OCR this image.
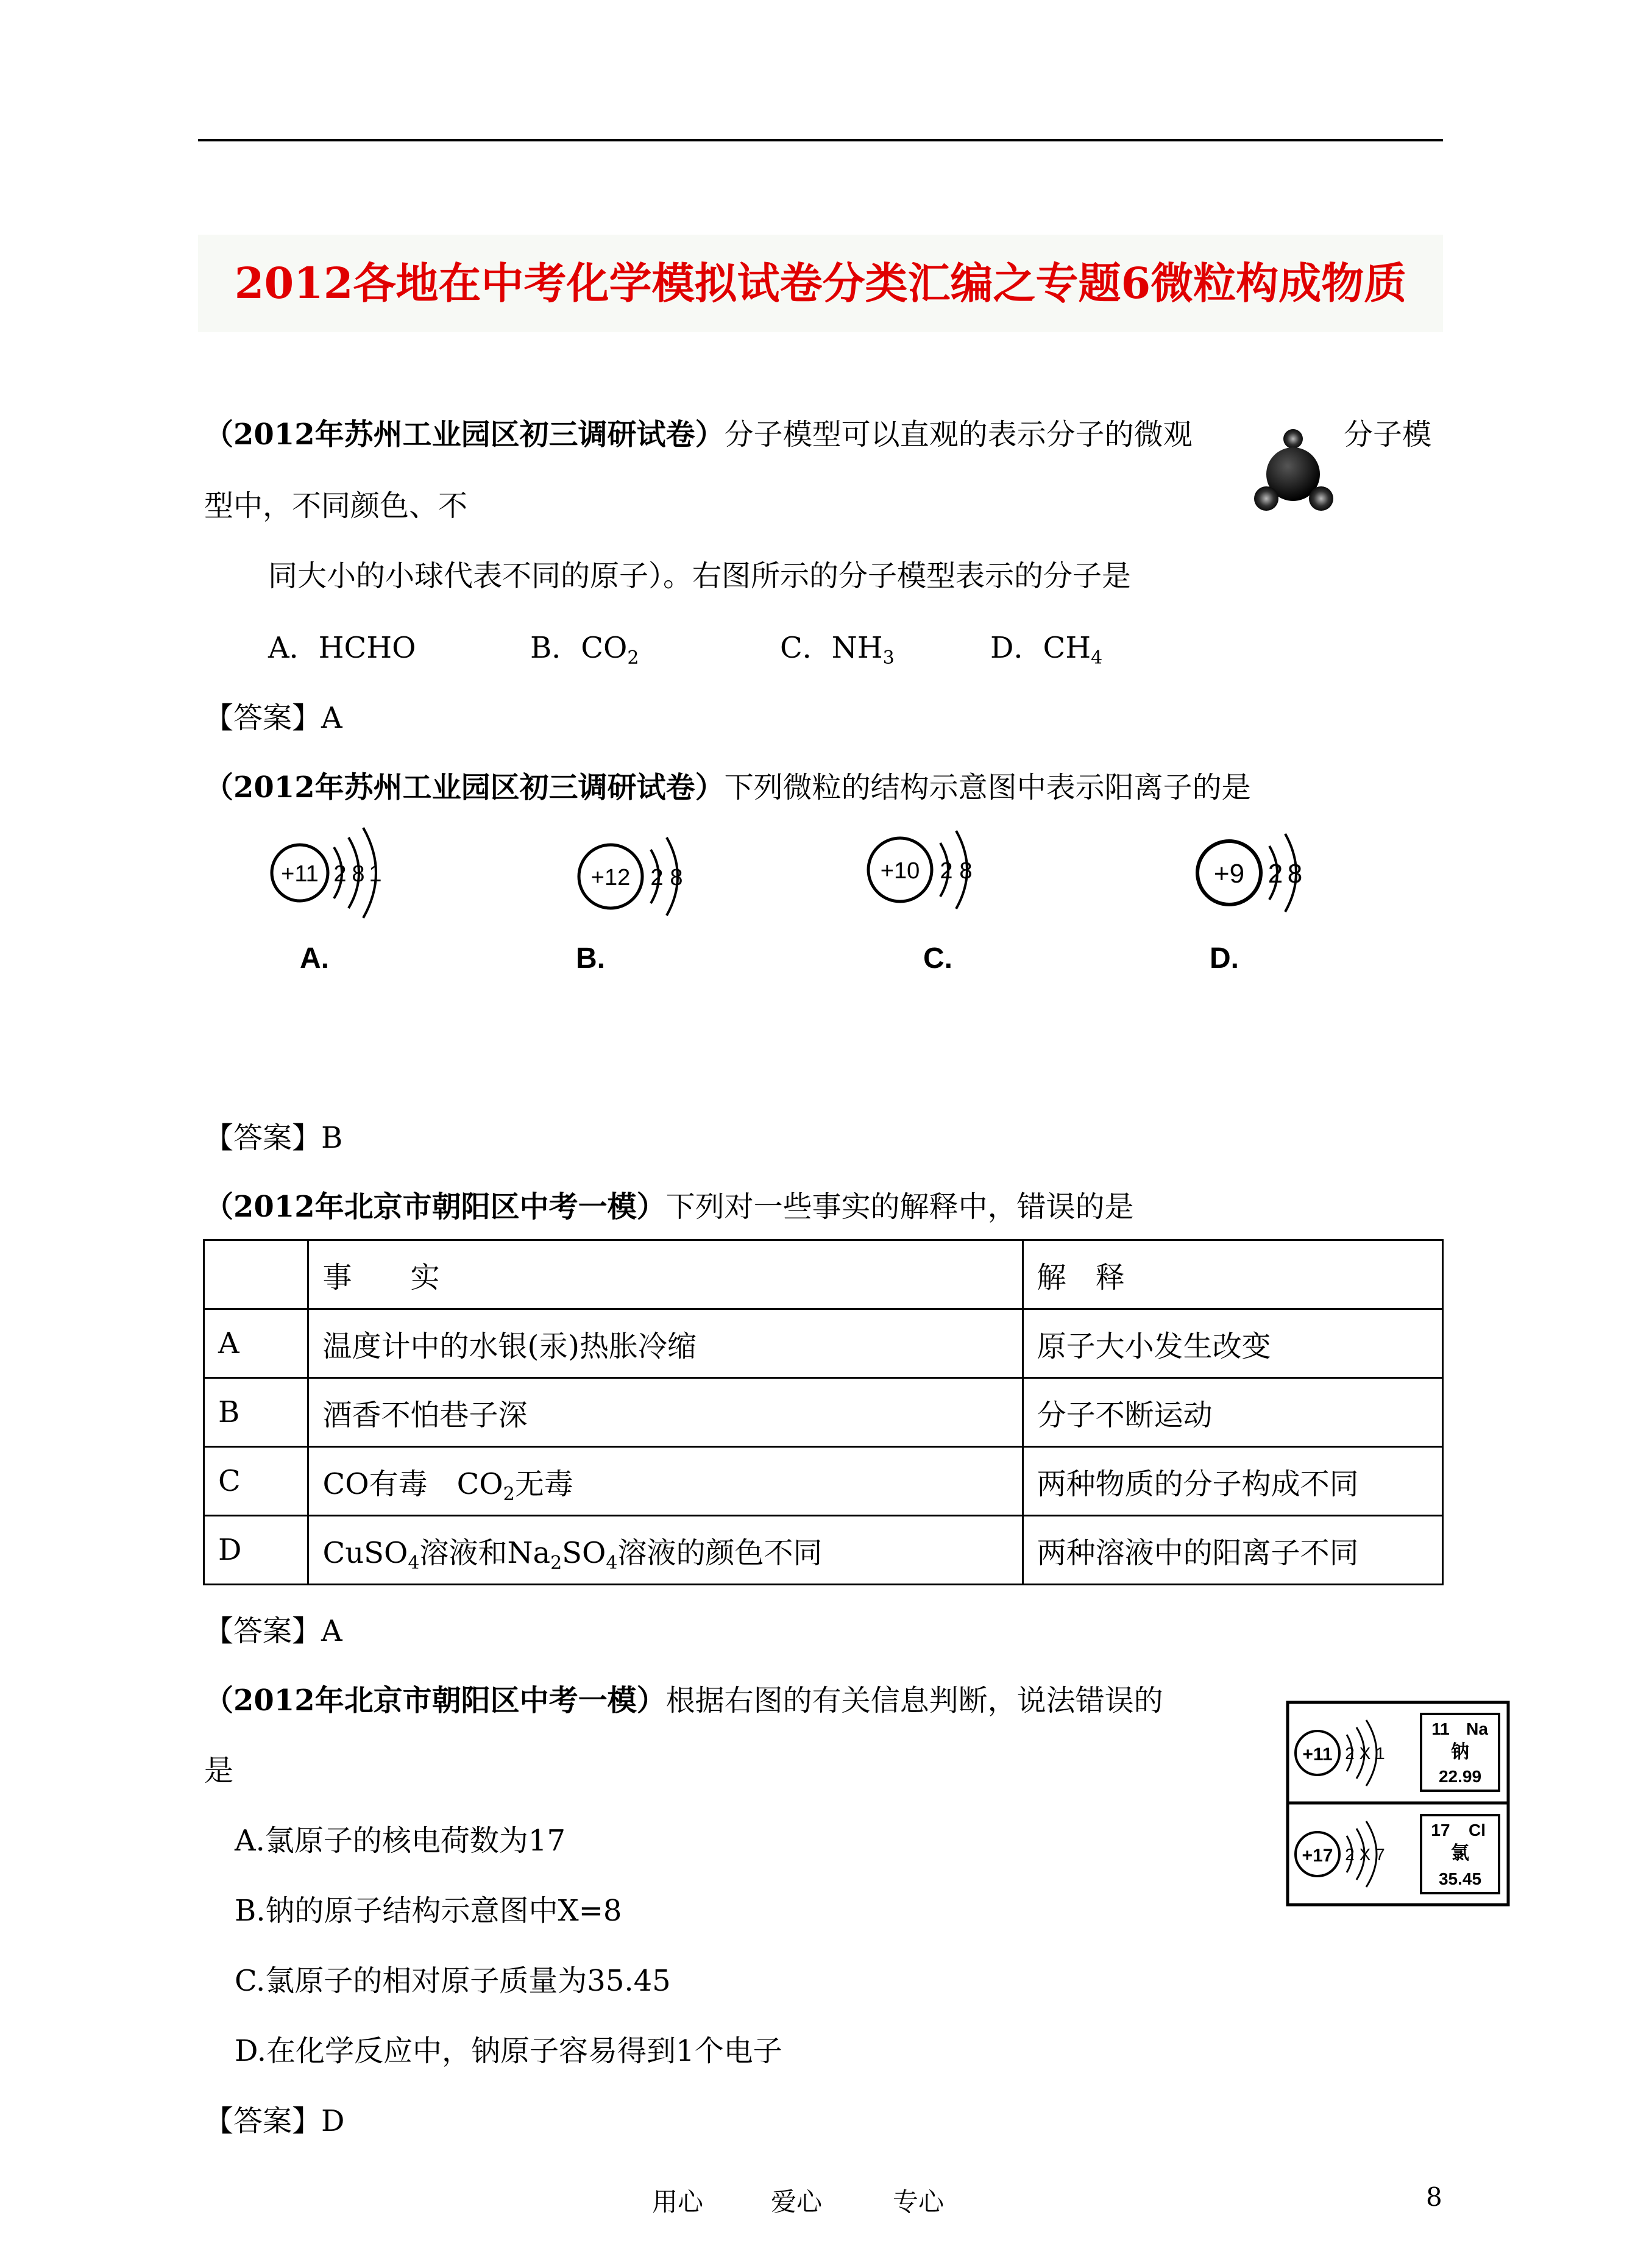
2012各地在中考化学模拟试卷分类汇编之专题6微粒构成物质
（2012年苏州工业园区初三调研试卷）分子模型可以直观的表示分子的微观	分子模
型中，不同颜色、不
同大小的小球代表不同的原子）。右图所示的分子模型表示的分子是
A．HCHO	B．$CO_2$	C．$NH_3$	D．$CH_4$
【答案】A
（2012年苏州工业园区初三调研试卷）下列微粒的结构示意图中表示阳离子的是
+11 2 8 1
A.
+12 2 8
B.
+10 2 8
C.
+9 2 8
D.
【答案】B
（2012年北京市朝阳区中考一模）下列对一些事实的解释中，错误的是
	事　　实	解　释
A	温度计中的水银(汞)热胀冷缩	原子大小发生改变
B	酒香不怕巷子深	分子不断运动
C	CO有毒　$CO_2$无毒	两种物质的分子构成不同
D	CuSO$_4$溶液和$Na_2SO_4$溶液的颜色不同	两种溶液中的阳离子不同
【答案】A
（2012年北京市朝阳区中考一模）根据右图的有关信息判断，说法错误的
是
A.氯原子的核电荷数为17
B.钠的原子结构示意图中X=8
C.氯原子的相对原子质量为35.45
D.在化学反应中，钠原子容易得到1个电子
+11 2 X 1
11 Na
钠
22.99
+17 2 X 7
17 Cl
氯
35.45
【答案】D
用心	爱心	专心	8
